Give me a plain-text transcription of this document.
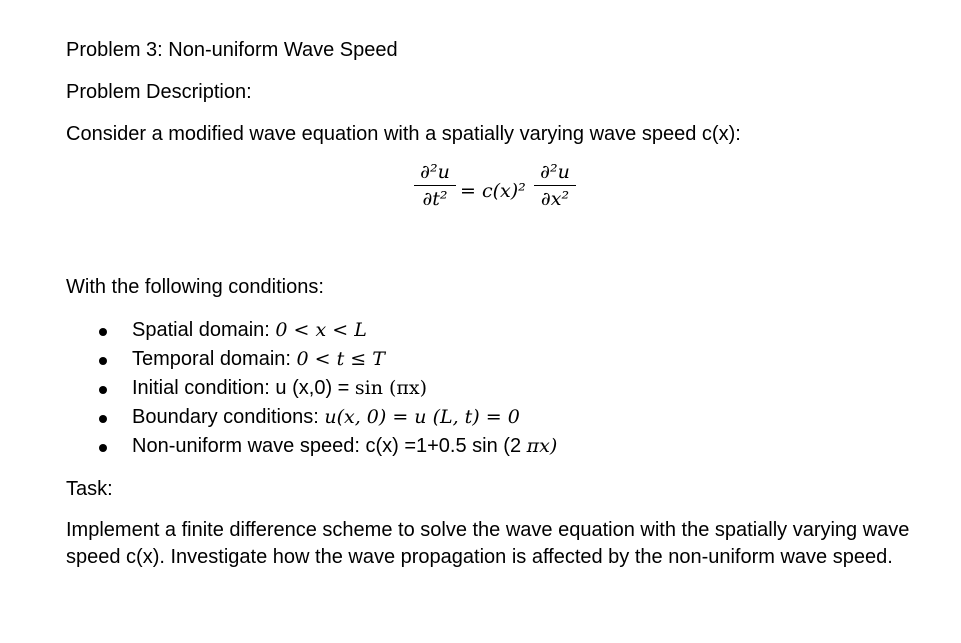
Problem 3: Non-uniform Wave Speed
Problem Description:
Consider a modified wave equation with a spatially varying wave speed c(x):
∂²u
∂t² = c(x)²
∂²u
∂x²
With the following conditions:
Spatial domain: 0 < x < L
Temporal domain: 0 < t ≤ T
Initial condition: u (x,0) = sin (πx)
Boundary conditions: u(x, 0) = u (L, t) = 0
Non-uniform wave speed: c(x) =1+0.5 sin (2 πx)
Task:
Implement a finite difference scheme to solve the wave equation with the spatially varying wave speed c(x). Investigate how the wave propagation is affected by the non-uniform wave speed.
